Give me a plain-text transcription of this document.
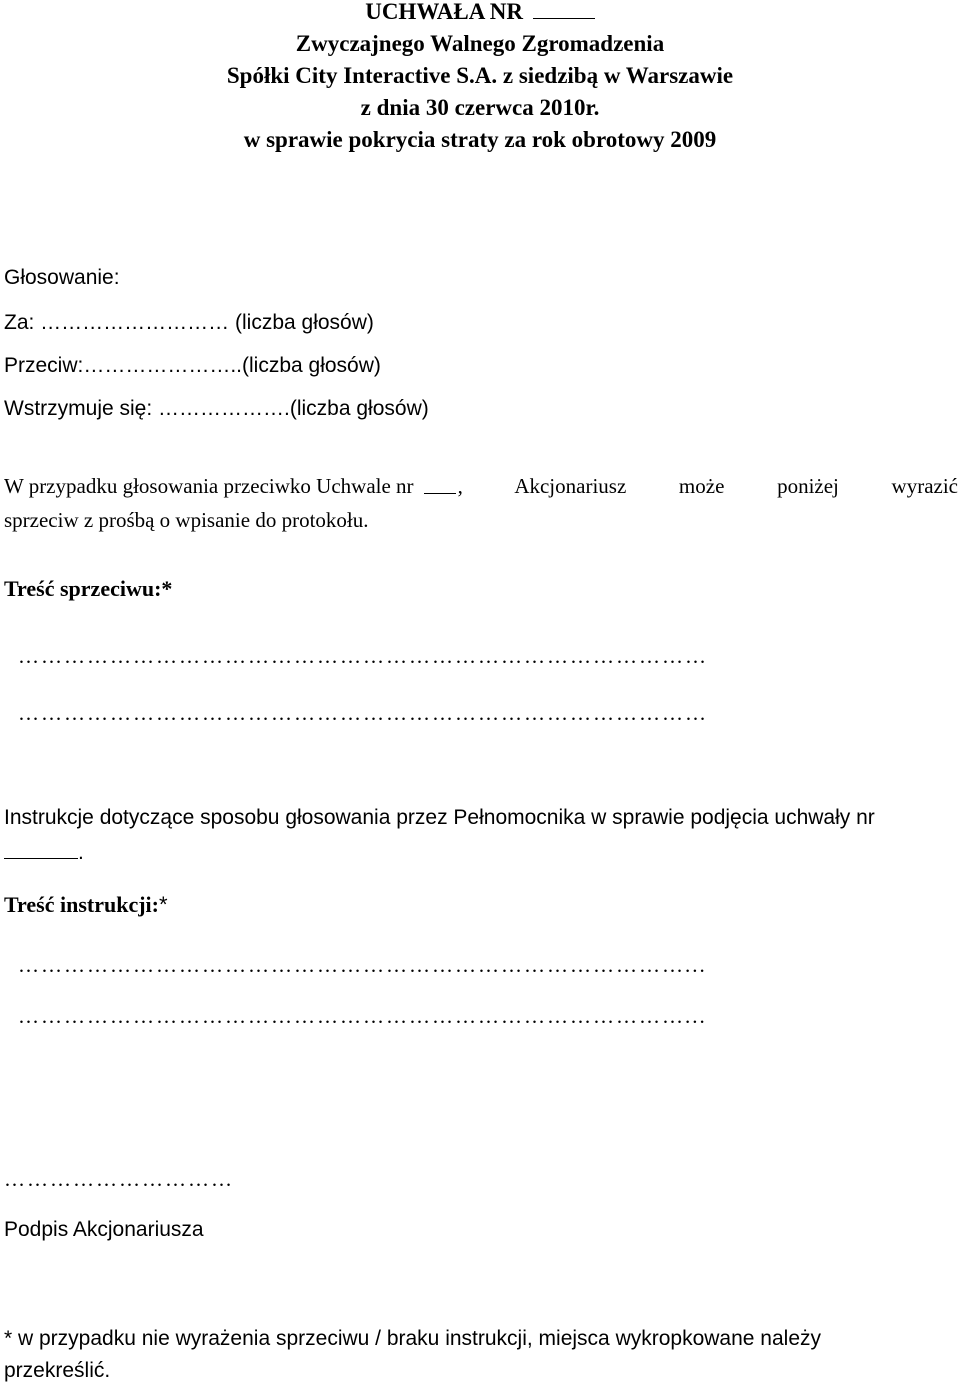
UCHWAŁA NR
Zwyczajnego Walnego Zgromadzenia
Spółki City Interactive S.A. z siedzibą w Warszawie
z dnia 30 czerwca 2010r.
w sprawie pokrycia straty za rok obrotowy 2009
Głosowanie:
Za: ……………………… (liczba głosów)
Przeciw:…………………..(liczba głosów)
Wstrzymuje się: ……………….(liczba głosów)
W przypadku głosowania przeciwko Uchwale nr , Akcjonariusz może poniżej wyrazić
sprzeciw z prośbą o wpisanie do protokołu.
Treść sprzeciwu:*
………………………………………………………………………………
………………………………………………………………………………
Instrukcje dotyczące sposobu głosowania przez Pełnomocnika w sprawie podjęcia uchwały nr
.
Treść instrukcji:*
……………………………………………………………………………...
……………………………………………………………………………...
…………………………
Podpis Akcjonariusza
* w przypadku nie wyrażenia sprzeciwu / braku instrukcji, miejsca wykropkowane należy
przekreślić.
